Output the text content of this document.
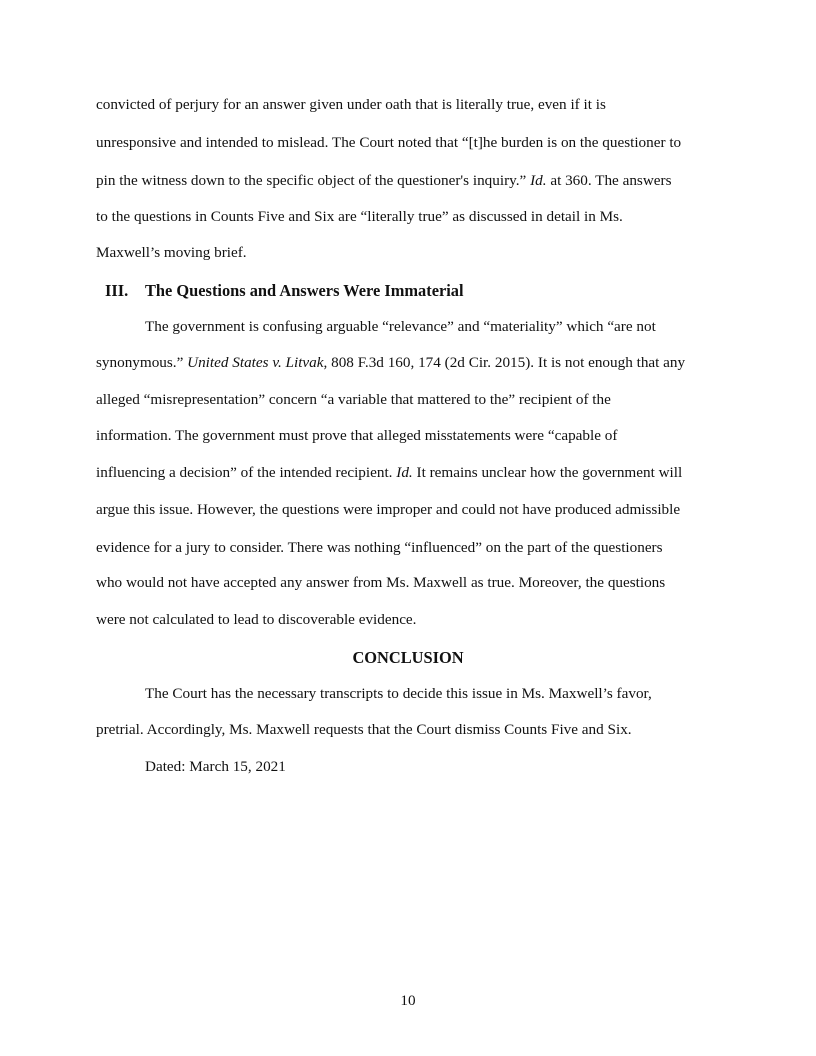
convicted of perjury for an answer given under oath that is literally true, even if it is
unresponsive and intended to mislead. The Court noted that “[t]he burden is on the questioner to
pin the witness down to the specific object of the questioner's inquiry.” Id. at 360. The answers
to the questions in Counts Five and Six are “literally true” as discussed in detail in Ms.
Maxwell’s moving brief.
III. The Questions and Answers Were Immaterial
The government is confusing arguable “relevance” and “materiality” which “are not
synonymous.” United States v. Litvak, 808 F.3d 160, 174 (2d Cir. 2015). It is not enough that any
alleged “misrepresentation” concern “a variable that mattered to the” recipient of the
information. The government must prove that alleged misstatements were “capable of
influencing a decision” of the intended recipient. Id. It remains unclear how the government will
argue this issue. However, the questions were improper and could not have produced admissible
evidence for a jury to consider. There was nothing “influenced” on the part of the questioners
who would not have accepted any answer from Ms. Maxwell as true. Moreover, the questions
were not calculated to lead to discoverable evidence.
CONCLUSION
The Court has the necessary transcripts to decide this issue in Ms. Maxwell’s favor,
pretrial. Accordingly, Ms. Maxwell requests that the Court dismiss Counts Five and Six.
Dated: March 15, 2021
10
